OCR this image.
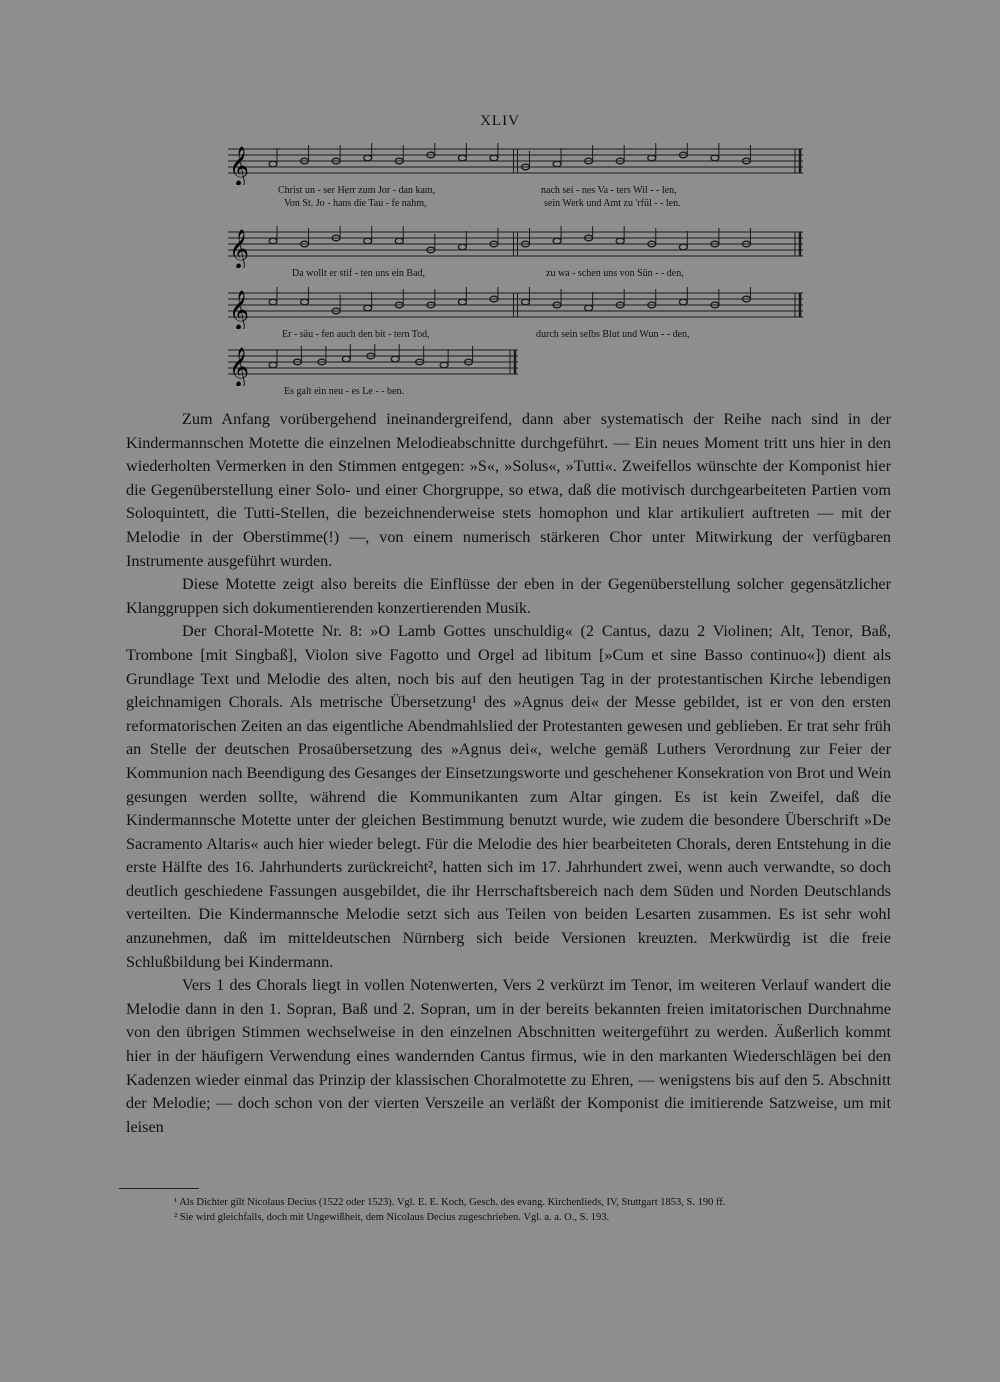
XLIV
𝄞
Christ un - ser Herr zum Jor - dan kam,	nach sei - nes Va - ters Wil - - len,
Von St. Jo - hans die Tau - fe nahm,	sein Werk und Amt zu 'rfül - - len.
𝄞
Da wollt er stif - ten uns ein Bad,	zu wa - schen uns von Sün - - den,
𝄞
Er - säu - fen auch den bit - tern Tod,	durch sein selbs Blut und Wun - - den,
𝄞
Es galt ein neu - es Le - - ben.

Zum Anfang vorübergehend ineinandergreifend, dann aber systematisch der Reihe nach sind in der Kindermannschen Motette die einzelnen Melodieabschnitte durchgeführt. — Ein neues Moment tritt uns hier in den wiederholten Vermerken in den Stimmen entgegen: »S«, »Solus«, »Tutti«. Zweifellos wünschte der Komponist hier die Gegenüberstellung einer Solo- und einer Chorgruppe, so etwa, daß die motivisch durchgearbeiteten Partien vom Soloquintett, die Tutti-Stellen, die bezeichnenderweise stets homophon und klar artikuliert auftreten — mit der Melodie in der Oberstimme(!) —, von einem numerisch stärkeren Chor unter Mitwirkung der verfügbaren Instrumente ausgeführt wurden.

Diese Motette zeigt also bereits die Einflüsse der eben in der Gegenüberstellung solcher gegensätzlicher Klanggruppen sich dokumentierenden konzertierenden Musik.

Der Choral-Motette Nr. 8: »O Lamb Gottes unschuldig« (2 Cantus, dazu 2 Violinen; Alt, Tenor, Baß, Trombone [mit Singbaß], Violon sive Fagotto und Orgel ad libitum [»Cum et sine Basso continuo«]) dient als Grundlage Text und Melodie des alten, noch bis auf den heutigen Tag in der protestantischen Kirche lebendigen gleichnamigen Chorals. Als metrische Übersetzung¹ des »Agnus dei« der Messe gebildet, ist er von den ersten reformatorischen Zeiten an das eigentliche Abendmahlslied der Protestanten gewesen und geblieben. Er trat sehr früh an Stelle der deutschen Prosaübersetzung des »Agnus dei«, welche gemäß Luthers Verordnung zur Feier der Kommunion nach Beendigung des Gesanges der Einsetzungsworte und geschehener Konsekration von Brot und Wein gesungen werden sollte, während die Kommunikanten zum Altar gingen. Es ist kein Zweifel, daß die Kindermannsche Motette unter der gleichen Bestimmung benutzt wurde, wie zudem die besondere Überschrift »De Sacramento Altaris« auch hier wieder belegt. Für die Melodie des hier bearbeiteten Chorals, deren Entstehung in die erste Hälfte des 16. Jahrhunderts zurückreicht², hatten sich im 17. Jahrhundert zwei, wenn auch verwandte, so doch deutlich geschiedene Fassungen ausgebildet, die ihr Herrschaftsbereich nach dem Süden und Norden Deutschlands verteilten. Die Kindermannsche Melodie setzt sich aus Teilen von beiden Lesarten zusammen. Es ist sehr wohl anzunehmen, daß im mitteldeutschen Nürnberg sich beide Versionen kreuzten. Merkwürdig ist die freie Schlußbildung bei Kindermann.

Vers 1 des Chorals liegt in vollen Notenwerten, Vers 2 verkürzt im Tenor, im weiteren Verlauf wandert die Melodie dann in den 1. Sopran, Baß und 2. Sopran, um in der bereits bekannten freien imitatorischen Durchnahme von den übrigen Stimmen wechselweise in den einzelnen Abschnitten weitergeführt zu werden. Äußerlich kommt hier in der häufigern Verwendung eines wandernden Cantus firmus, wie in den markanten Wiederschlägen bei den Kadenzen wieder einmal das Prinzip der klassischen Choralmotette zu Ehren, — wenigstens bis auf den 5. Abschnitt der Melodie; — doch schon von der vierten Verszeile an verläßt der Komponist die imitierende Satzweise, um mit leisen

¹ Als Dichter gilt Nicolaus Decius (1522 oder 1523). Vgl. E. E. Koch, Gesch. des evang. Kirchenlieds, IV, Stuttgart 1853, S. 190 ff.
² Sie wird gleichfalls, doch mit Ungewißheit, dem Nicolaus Decius zugeschrieben. Vgl. a. a. O., S. 193.
